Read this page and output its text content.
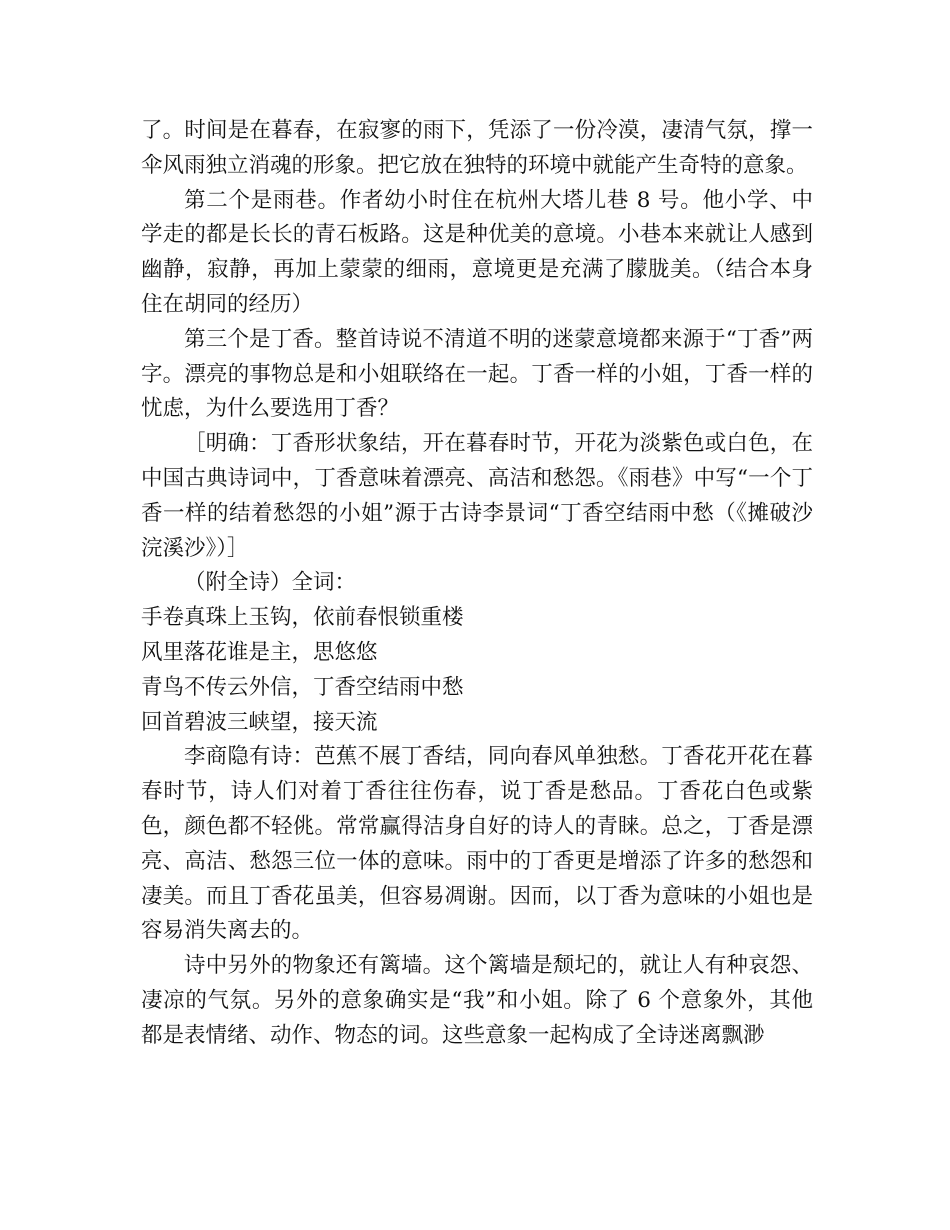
了。时间是在暮春，在寂寥的雨下，凭添了一份冷漠，凄清气氛，撑一伞风雨独立消魂的形象。把它放在独特的环境中就能产生奇特的意象。

第二个是雨巷。作者幼小时住在杭州大塔儿巷 8 号。他小学、中学走的都是长长的青石板路。这是种优美的意境。小巷本来就让人感到幽静，寂静，再加上蒙蒙的细雨，意境更是充满了朦胧美。（结合本身住在胡同的经历）

第三个是丁香。整首诗说不清道不明的迷蒙意境都来源于“丁香”两字。漂亮的事物总是和小姐联络在一起。丁香一样的小姐，丁香一样的忧虑，为什么要选用丁香？

［明确：丁香形状象结，开在暮春时节，开花为淡紫色或白色，在中国古典诗词中，丁香意味着漂亮、高洁和愁怨。《雨巷》中写“一个丁香一样的结着愁怨的小姐”源于古诗李景词“丁香空结雨中愁（《摊破沙浣溪沙》）］

（附全诗）全词：

手卷真珠上玉钩，依前春恨锁重楼

风里落花谁是主，思悠悠

青鸟不传云外信，丁香空结雨中愁

回首碧波三峡望，接天流

李商隐有诗：芭蕉不展丁香结，同向春风单独愁。丁香花开花在暮春时节，诗人们对着丁香往往伤春，说丁香是愁品。丁香花白色或紫色，颜色都不轻佻。常常赢得洁身自好的诗人的青睐。总之，丁香是漂亮、高洁、愁怨三位一体的意味。雨中的丁香更是增添了许多的愁怨和凄美。而且丁香花虽美，但容易凋谢。因而，以丁香为意味的小姐也是容易消失离去的。

诗中另外的物象还有篱墙。这个篱墙是颓圮的，就让人有种哀怨、凄凉的气氛。另外的意象确实是“我”和小姐。除了 6 个意象外，其他都是表情绪、动作、物态的词。这些意象一起构成了全诗迷离飘渺
